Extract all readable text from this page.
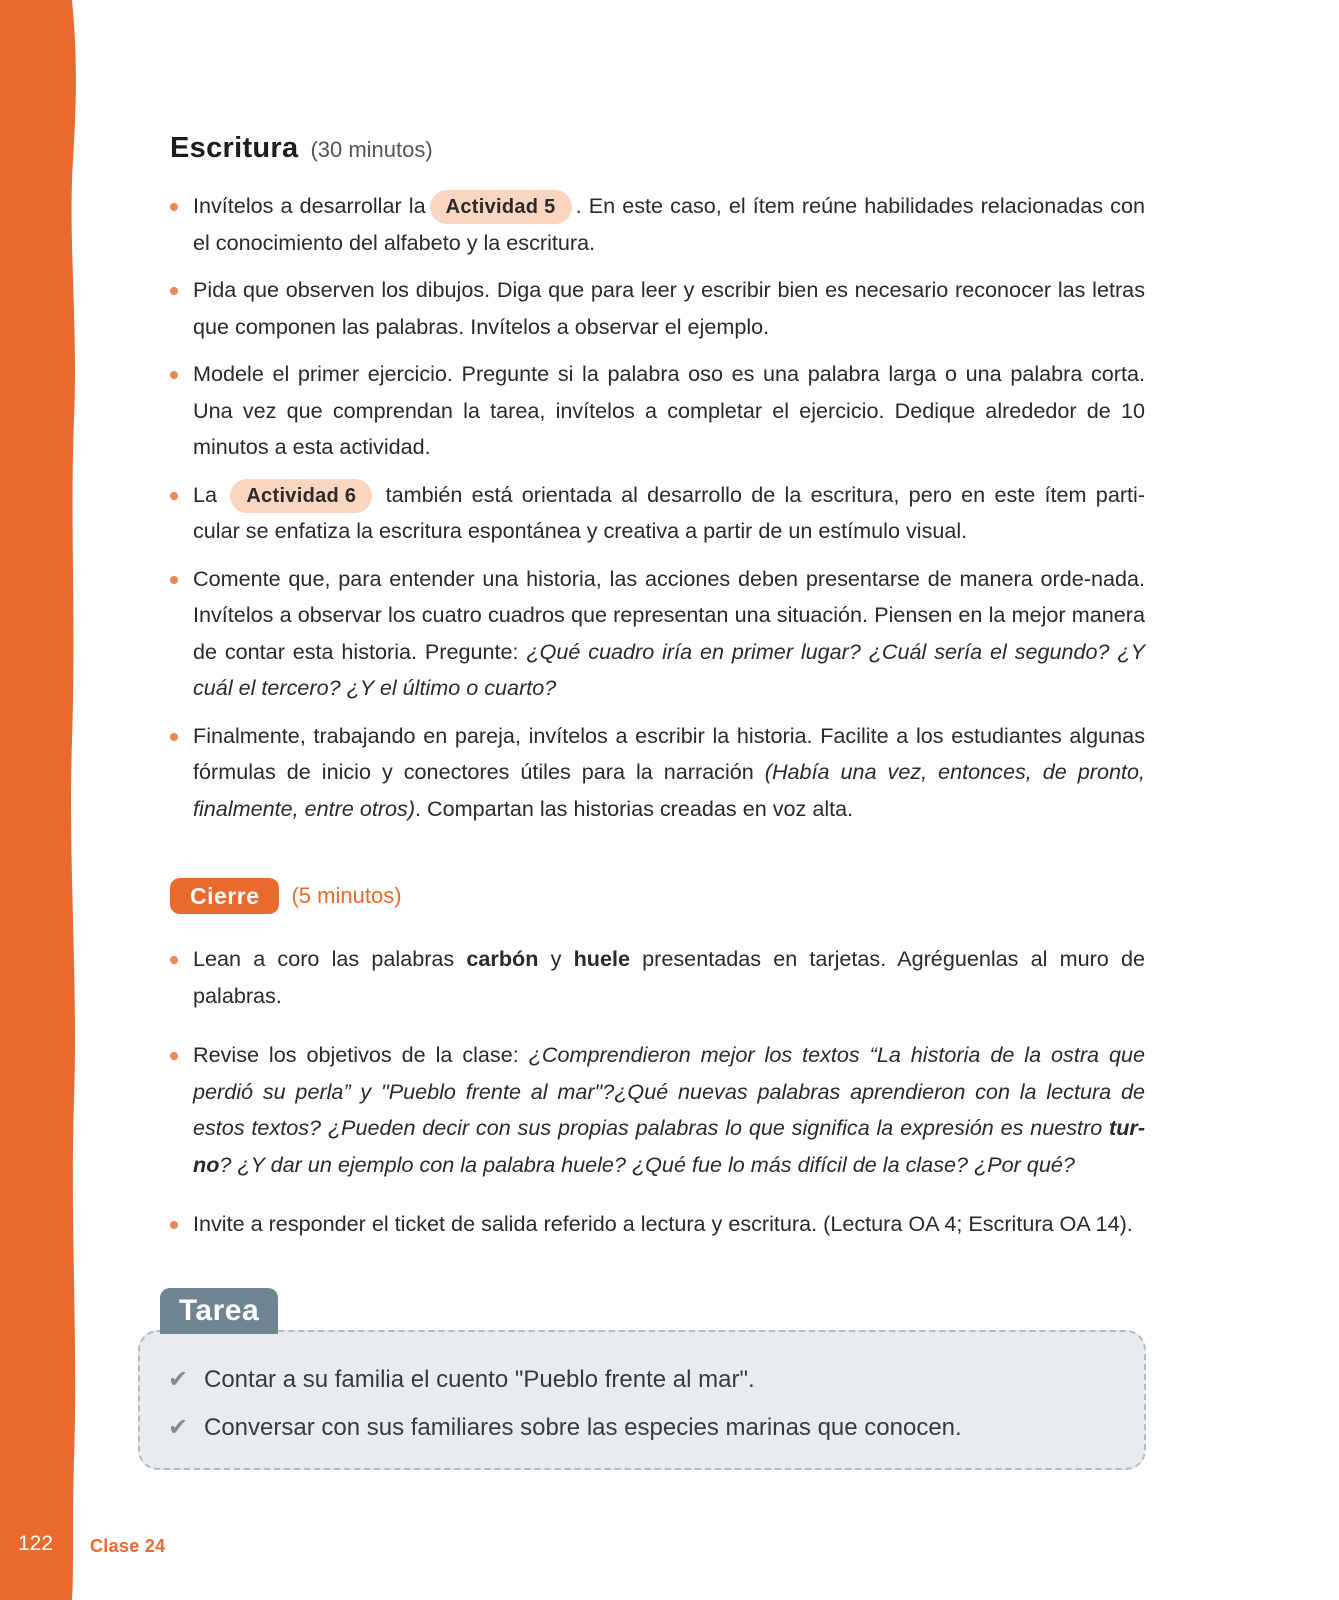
Escritura (30 minutos)
Invítelos a desarrollar la Actividad 5 . En este caso, el ítem reúne habilidades relacionadas con el conocimiento del alfabeto y la escritura.
Pida que observen los dibujos. Diga que para leer y escribir bien es necesario reconocer las letras que componen las palabras. Invítelos a observar el ejemplo.
Modele el primer ejercicio. Pregunte si la palabra oso es una palabra larga o una palabra corta. Una vez que comprendan la tarea, invítelos a completar el ejercicio. Dedique alrededor de 10 minutos a esta actividad.
La Actividad 6 también está orientada al desarrollo de la escritura, pero en este ítem parti-cular se enfatiza la escritura espontánea y creativa a partir de un estímulo visual.
Comente que, para entender una historia, las acciones deben presentarse de manera orde-nada. Invítelos a observar los cuatro cuadros que representan una situación. Piensen en la mejor manera de contar esta historia. Pregunte: ¿Qué cuadro iría en primer lugar? ¿Cuál sería el segundo? ¿Y cuál el tercero? ¿Y el último o cuarto?
Finalmente, trabajando en pareja, invítelos a escribir la historia. Facilite a los estudiantes algunas fórmulas de inicio y conectores útiles para la narración (Había una vez, entonces, de pronto, finalmente, entre otros). Compartan las historias creadas en voz alta.
Cierre	(5 minutos)
Lean a coro las palabras carbón y huele presentadas en tarjetas. Agréguenlas al muro de palabras.
Revise los objetivos de la clase: ¿Comprendieron mejor los textos “La historia de la ostra que perdió su perla” y "Pueblo frente al mar"?¿Qué nuevas palabras aprendieron con la lectura de estos textos? ¿Pueden decir con sus propias palabras lo que significa la expresión es nuestro tur-no? ¿Y dar un ejemplo con la palabra huele? ¿Qué fue lo más difícil de la clase? ¿Por qué?
Invite a responder el ticket de salida referido a lectura y escritura. (Lectura OA 4; Escritura OA 14).
✔ Contar a su familia el cuento "Pueblo frente al mar".
✔ Conversar con sus familiares sobre las especies marinas que conocen.
Tarea
122 Clase 24
